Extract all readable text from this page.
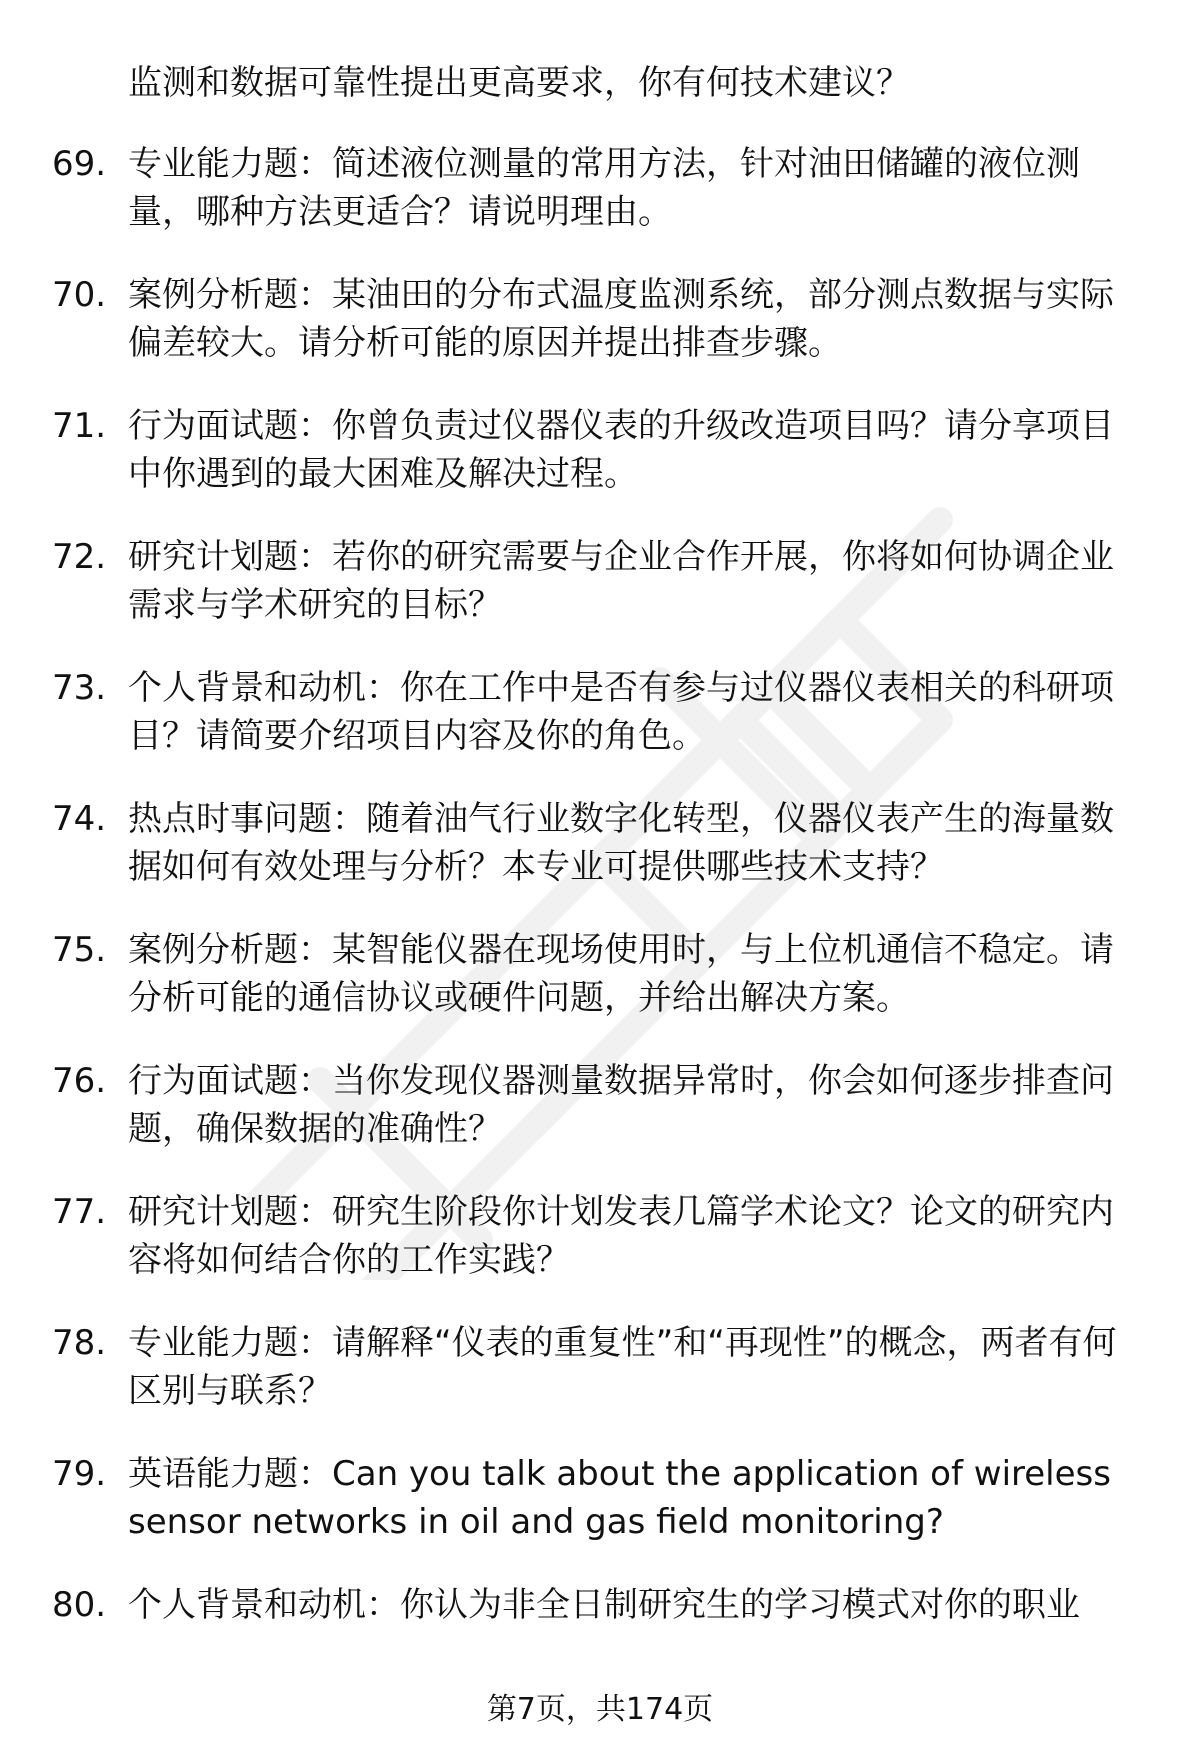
监测和数据可靠性提出更高要求，你有何技术建议？
69. 专业能力题：简述液位测量的常用方法，针对油田储罐的液位测量，哪种方法更适合？请说明理由。
70. 案例分析题：某油田的分布式温度监测系统，部分测点数据与实际偏差较大。请分析可能的原因并提出排查步骤。
71. 行为面试题：你曾负责过仪器仪表的升级改造项目吗？请分享项目中你遇到的最大困难及解决过程。
72. 研究计划题：若你的研究需要与企业合作开展，你将如何协调企业需求与学术研究的目标？
73. 个人背景和动机：你在工作中是否有参与过仪器仪表相关的科研项目？请简要介绍项目内容及你的角色。
74. 热点时事问题：随着油气行业数字化转型，仪器仪表产生的海量数据如何有效处理与分析？本专业可提供哪些技术支持？
75. 案例分析题：某智能仪器在现场使用时，与上位机通信不稳定。请分析可能的通信协议或硬件问题，并给出解决方案。
76. 行为面试题：当你发现仪器测量数据异常时，你会如何逐步排查问题，确保数据的准确性？
77. 研究计划题：研究生阶段你计划发表几篇学术论文？论文的研究内容将如何结合你的工作实践？
78. 专业能力题：请解释“仪表的重复性”和“再现性”的概念，两者有何区别与联系？
79. 英语能力题：Can you talk about the application of wireless sensor networks in oil and gas field monitoring?
80. 个人背景和动机：你认为非全日制研究生的学习模式对你的职业
第7页，共174页
